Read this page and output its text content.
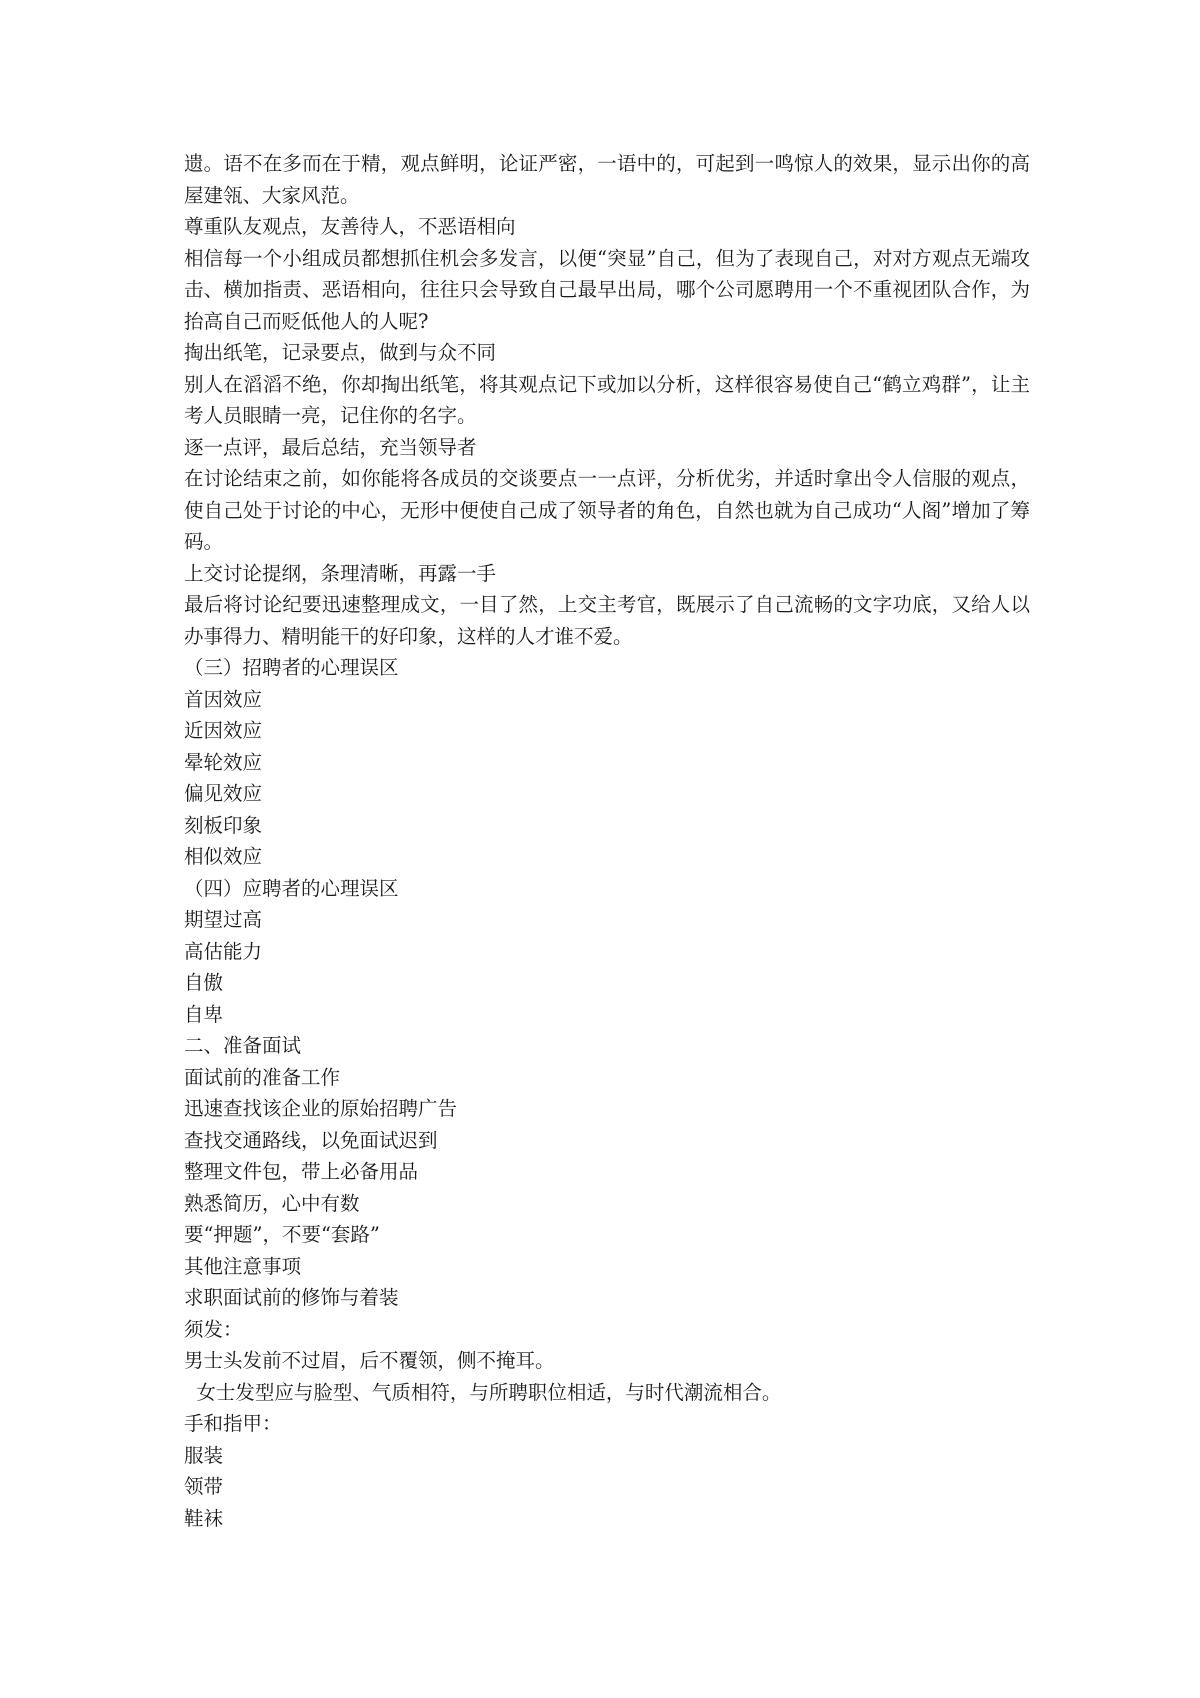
遗。语不在多而在于精，观点鲜明，论证严密，一语中的，可起到一鸣惊人的效果，显示出你的高屋建瓴、大家风范。

尊重队友观点，友善待人，不恶语相向

相信每一个小组成员都想抓住机会多发言，以便“突显”自己，但为了表现自己，对对方观点无端攻击、横加指责、恶语相向，往往只会导致自己最早出局，哪个公司愿聘用一个不重视团队合作，为抬高自己而贬低他人的人呢?

掏出纸笔，记录要点，做到与众不同

别人在滔滔不绝，你却掏出纸笔，将其观点记下或加以分析，这样很容易使自己“鹤立鸡群”，让主考人员眼睛一亮，记住你的名字。

逐一点评，最后总结，充当领导者

在讨论结束之前，如你能将各成员的交谈要点一一点评，分析优劣，并适时拿出令人信服的观点，使自己处于讨论的中心，无形中便使自己成了领导者的角色，自然也就为自己成功“人阁”增加了筹码。

上交讨论提纲，条理清晰，再露一手

最后将讨论纪要迅速整理成文，一目了然，上交主考官，既展示了自己流畅的文字功底，又给人以办事得力、精明能干的好印象，这样的人才谁不爱。

（三）招聘者的心理误区

首因效应

近因效应

晕轮效应

偏见效应

刻板印象

相似效应

（四）应聘者的心理误区

期望过高

高估能力

自傲

自卑

二、准备面试

面试前的准备工作

迅速查找该企业的原始招聘广告

查找交通路线，以免面试迟到

整理文件包，带上必备用品

熟悉简历，心中有数

要“押题”，不要“套路”

其他注意事项

求职面试前的修饰与着装

须发：

男士头发前不过眉，后不覆领，侧不掩耳。

女士发型应与脸型、气质相符，与所聘职位相适，与时代潮流相合。

手和指甲：

服装

领带

鞋袜
